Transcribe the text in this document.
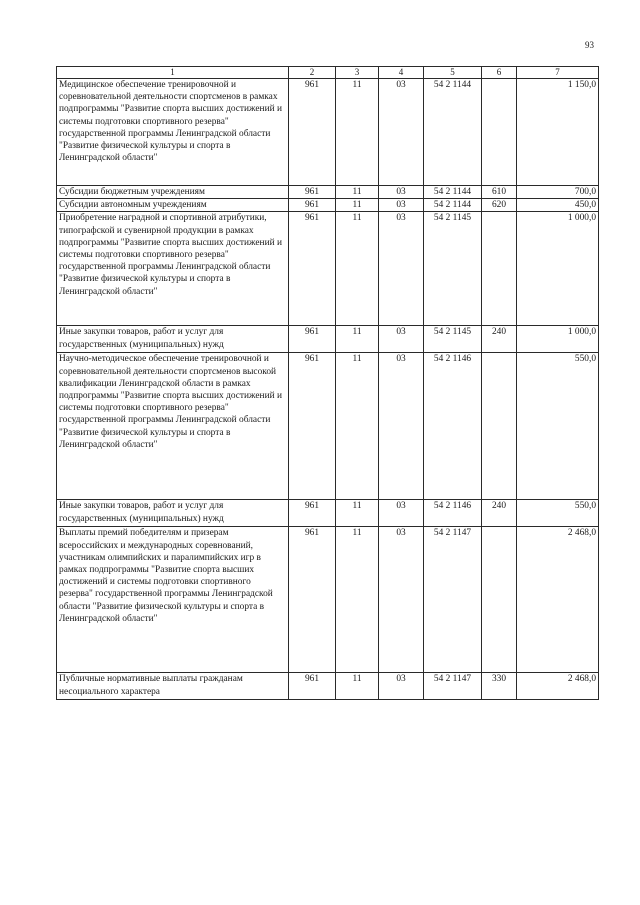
93
1	2	3	4	5	6	7
Медицинское обеспечение тренировочной и соревновательной деятельности спортсменов в рамках подпрограммы "Развитие спорта высших достижений и системы подготовки спортивного резерва" государственной программы Ленинградской области "Развитие физической культуры и спорта в Ленинградской области"	961	11	03	54 2 1144		1 150,0
Субсидии бюджетным учреждениям	961	11	03	54 2 1144	610	700,0
Субсидии автономным учреждениям	961	11	03	54 2 1144	620	450,0
Приобретение наградной и спортивной атрибутики, типографской и сувенирной продукции в рамках подпрограммы "Развитие спорта высших достижений и системы подготовки спортивного резерва" государственной программы Ленинградской области "Развитие физической культуры и спорта в Ленинградской области"	961	11	03	54 2 1145		1 000,0
Иные закупки товаров, работ и услуг для государственных (муниципальных) нужд	961	11	03	54 2 1145	240	1 000,0
Научно-методическое обеспечение тренировочной и соревновательной деятельности спортсменов высокой квалификации Ленинградской области в рамках подпрограммы "Развитие спорта высших достижений и системы подготовки спортивного резерва" государственной программы Ленинградской области "Развитие физической культуры и спорта в Ленинградской области"	961	11	03	54 2 1146		550,0
Иные закупки товаров, работ и услуг для государственных (муниципальных) нужд	961	11	03	54 2 1146	240	550,0
Выплаты премий победителям и призерам всероссийских и международных соревнований, участникам олимпийских и паралимпийских игр в рамках подпрограммы "Развитие спорта высших достижений и системы подготовки спортивного резерва" государственной программы Ленинградской области "Развитие физической культуры и спорта в Ленинградской области"	961	11	03	54 2 1147		2 468,0
Публичные нормативные выплаты гражданам несоциального характера	961	11	03	54 2 1147	330	2 468,0
